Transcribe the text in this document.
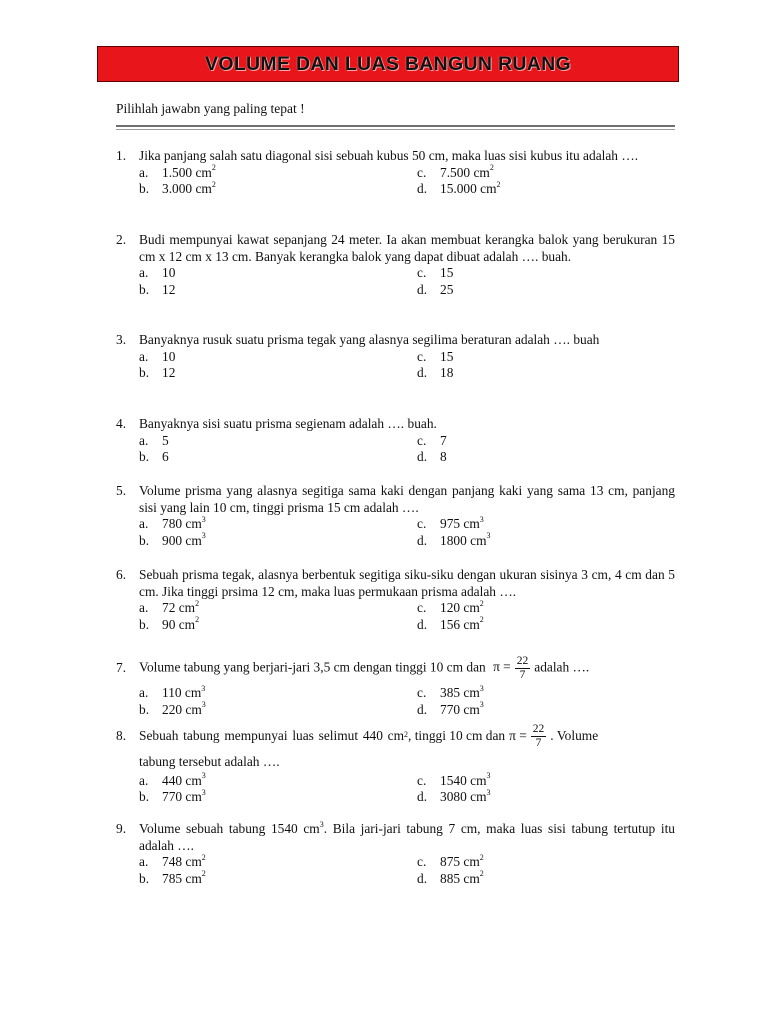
VOLUME DAN LUAS BANGUN RUANG
Pilihlah jawabn yang paling tepat !
1. Jika panjang salah satu diagonal sisi sebuah kubus 50 cm, maka luas sisi kubus itu adalah ….
a.	1.500 $cm^2$	c.	7.500 $cm^2$
b. 3.000 $cm^2$	d. 15.000 $cm^2$
2. Budi mempunyai kawat sepanjang 24 meter. Ia akan membuat kerangka balok yang berukuran 15 cm x 12 cm x 13 cm. Banyak kerangka balok yang dapat dibuat adalah …. buah.
a.	10	c.	15
b. 12	d. 25
3. Banyaknya rusuk suatu prisma tegak yang alasnya segilima beraturan adalah …. buah
a.	10	c.	15
b. 12	d. 18
4. Banyaknya sisi suatu prisma segienam adalah …. buah.
a.	5	c.	7
b. 6	d. 8
5. Volume prisma yang alasnya segitiga sama kaki dengan panjang kaki yang sama 13 cm, panjang sisi yang lain 10 cm, tinggi prisma 15 cm adalah ….
a.	780 $cm^3$	c.	975 $cm^3$
b. 900 $cm^3$	d. 1800 $cm^3$
6. Sebuah prisma tegak, alasnya berbentuk segitiga siku-siku dengan ukuran sisinya 3 cm, 4 cm dan 5 cm. Jika tinggi prsima 12 cm, maka luas permukaan prisma adalah ….
a.	72 $cm^2$	c.	120 $cm^2$
b. 90 $cm^2$	d. 156 $cm^2$
7. Volume tabung yang berjari-jari 3,5 cm dengan tinggi 10 cm dan $\pi = \frac{22}{7}$ adalah ….
a.	110 $cm^3$	c.	385 $cm^3$
b. 220 $cm^3$	d. 770 $cm^3$
8. Sebuah tabung mempunyai luas selimut 440 $cm^2$ , tinggi 10 cm dan $\pi = \frac{22}{7}$ . Volume
tabung tersebut adalah ….
a.	440 $cm^3$	c.	1540 $cm^3$
b. 770 $cm^3$	d. 3080 $cm^3$
9. Volume sebuah tabung 1540 $cm^3$. Bila jari-jari tabung 7 cm, maka luas sisi tabung tertutup itu adalah ….
a.	748 $cm^2$	c.	875 $cm^2$
b. 785 $cm^2$	d. 885 $cm^2$
